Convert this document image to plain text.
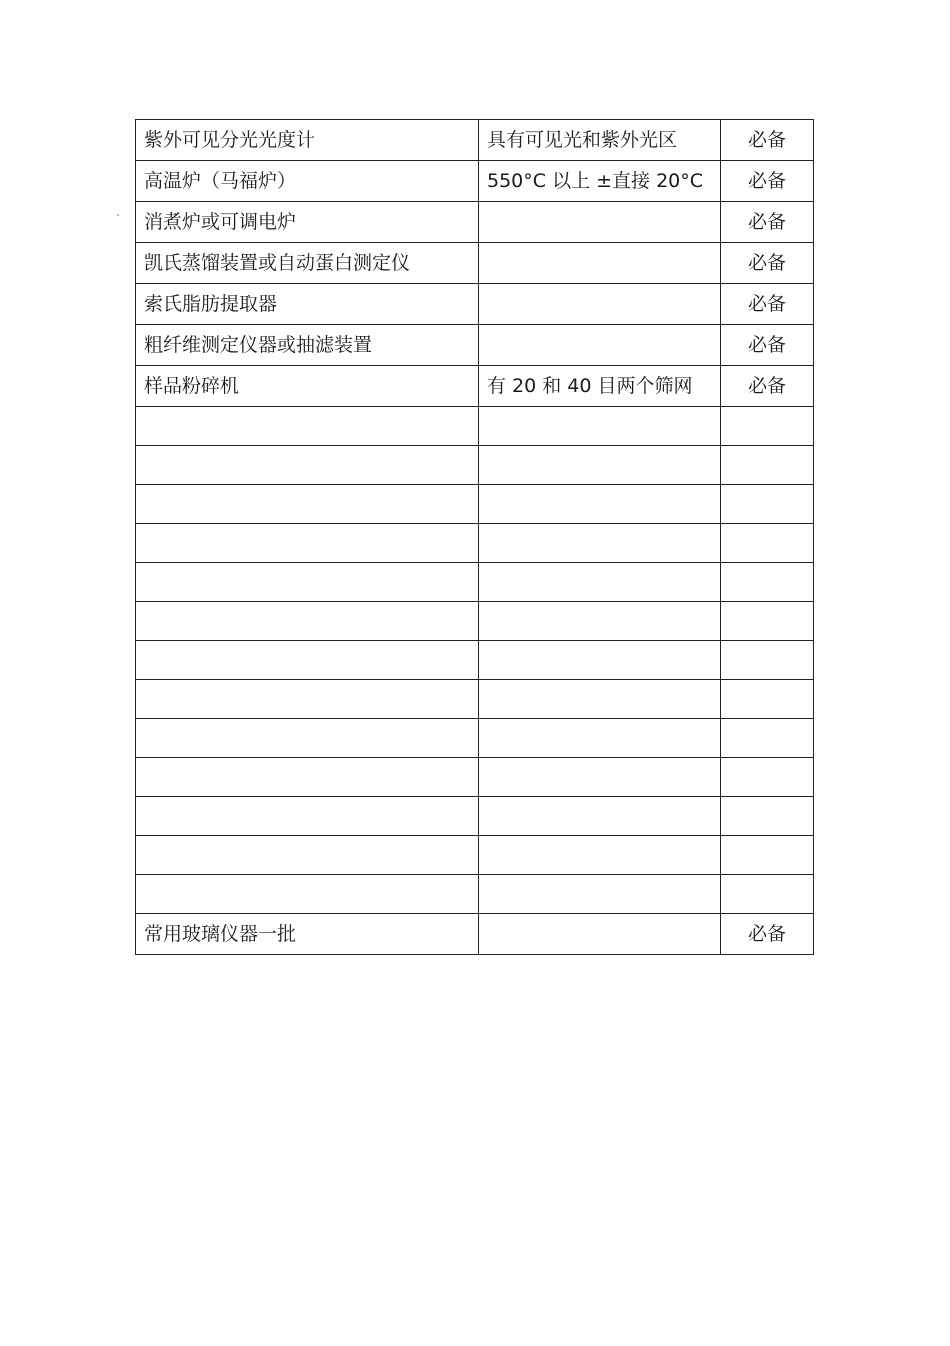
紫外可见分光光度计	具有可见光和紫外光区	必备
高温炉（马福炉）	550°C 以上 ±直接 20°C	必备
消煮炉或可调电炉		必备
凯氏蒸馏装置或自动蛋白测定仪		必备
索氏脂肪提取器		必备
粗纤维测定仪器或抽滤装置		必备
样品粉碎机	有 20 和 40 目两个筛网	必备

常用玻璃仪器一批		必备
